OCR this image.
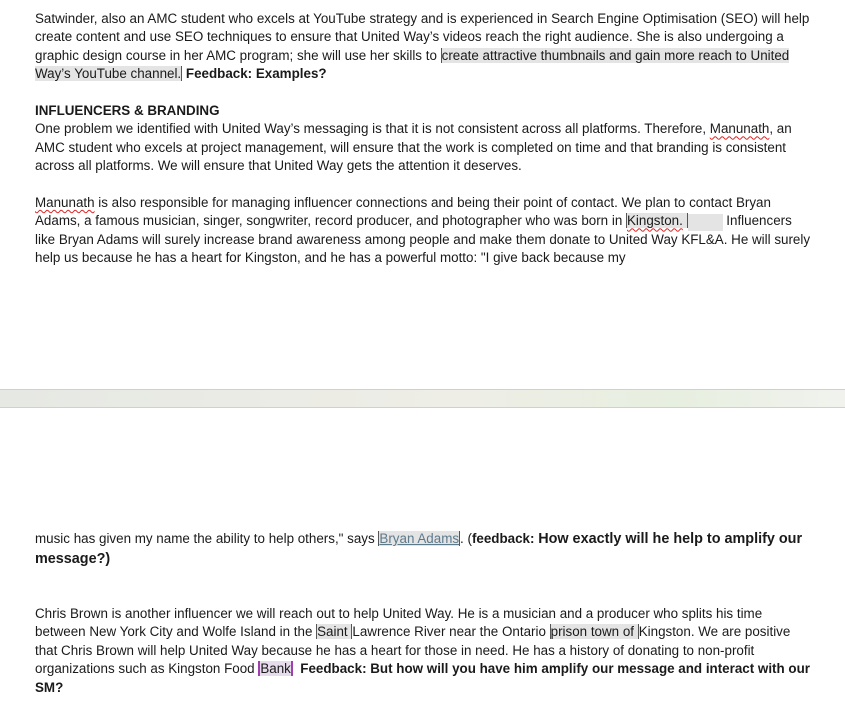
Satwinder, also an AMC student who excels at YouTube strategy and is experienced in Search Engine Optimisation (SEO) will help create content and use SEO techniques to ensure that United Way’s videos reach the right audience. She is also undergoing a graphic design course in her AMC program; she will use her skills to create attractive thumbnails and gain more reach to United Way’s YouTube channel. Feedback: Examples?

INFLUENCERS & BRANDING

One problem we identified with United Way’s messaging is that it is not consistent across all platforms. Therefore, Manunath, an AMC student who excels at project management, will ensure that the work is completed on time and that branding is consistent across all platforms. We will ensure that United Way gets the attention it deserves.

Manunath is also responsible for managing influencer connections and being their point of contact. We plan to contact Bryan Adams, a famous musician, singer, songwriter, record producer, and photographer who was born in Kingston.	Influencers like Bryan Adams will surely increase brand awareness among people and make them donate to United Way KFL&A. He will surely help us because he has a heart for Kingston, and he has a powerful motto: "I give back because my

music has given my name the ability to help others," says Bryan Adams. (feedback: How exactly will he help to amplify our message?)

Chris Brown is another influencer we will reach out to help United Way. He is a musician and a producer who splits his time between New York City and Wolfe Island in the Saint Lawrence River near the Ontario prison town of Kingston. We are positive that Chris Brown will help United Way because he has a heart for those in need. He has a history of donating to non-profit organizations such as Kingston Food Bank Feedback: But how will you have him amplify our message and interact with our SM?
